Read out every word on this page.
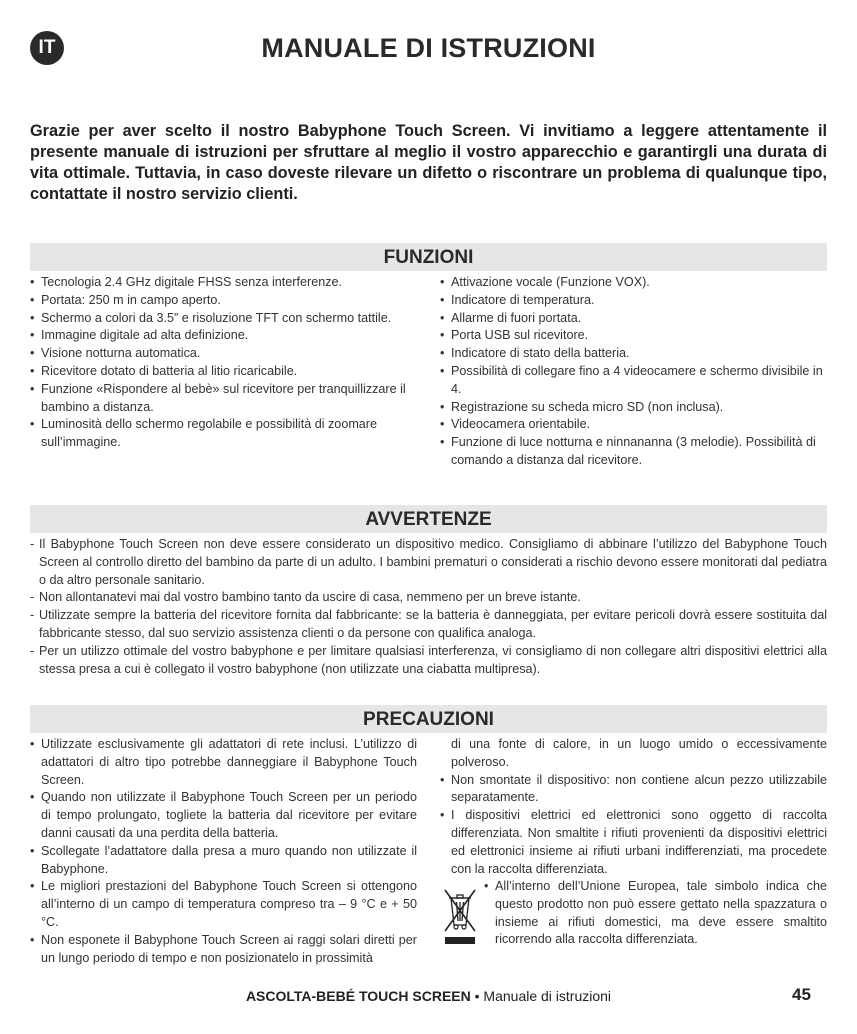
IT	MANUALE DI ISTRUZIONI

Grazie per aver scelto il nostro Babyphone Touch Screen. Vi invitiamo a leggere attentamente il presente manuale di istruzioni per sfruttare al meglio il vostro apparecchio e garantirgli una durata di vita ottimale. Tuttavia, in caso doveste rilevare un difetto o riscontrare un problema di qualunque tipo, contattate il nostro servizio clienti.

FUNZIONI
• Tecnologia 2.4 GHz digitale FHSS senza interferenze.
• Portata: 250 m in campo aperto.
• Schermo a colori da 3.5” e risoluzione TFT con schermo tattile.
• Immagine digitale ad alta definizione.
• Visione notturna automatica.
• Ricevitore dotato di batteria al litio ricaricabile.
• Funzione «Rispondere al bebè» sul ricevitore per tranquillizzare il bambino a distanza.
• Luminosità dello schermo regolabile e possibilità di zoomare sull’immagine.
• Attivazione vocale (Funzione VOX).
• Indicatore di temperatura.
• Allarme di fuori portata.
• Porta USB sul ricevitore.
• Indicatore di stato della batteria.
• Possibilità di collegare fino a 4 videocamere e schermo divisibile in 4.
• Registrazione su scheda micro SD (non inclusa).
• Videocamera orientabile.
• Funzione di luce notturna e ninnananna (3 melodie). Possibilità di comando a distanza dal ricevitore.
AVVERTENZE
- Il Babyphone Touch Screen non deve essere considerato un dispositivo medico. Consigliamo di abbinare l’utilizzo del Babyphone Touch Screen al controllo diretto del bambino da parte di un adulto. I bambini prematuri o considerati a rischio devono essere monitorati dal pediatra o da altro personale sanitario.
- Non allontanatevi mai dal vostro bambino tanto da uscire di casa, nemmeno per un breve istante.
- Utilizzate sempre la batteria del ricevitore fornita dal fabbricante: se la batteria è danneggiata, per evitare pericoli dovrà essere sostituita dal fabbricante stesso, dal suo servizio assistenza clienti o da persone con qualifica analoga.
- Per un utilizzo ottimale del vostro babyphone e per limitare qualsiasi interferenza, vi consigliamo di non collegare altri dispositivi elettrici alla stessa presa a cui è collegato il vostro babyphone (non utilizzate una ciabatta multipresa).
PRECAUZIONI
• Utilizzate esclusivamente gli adattatori di rete inclusi. L’utilizzo di adattatori di altro tipo potrebbe danneggiare il Babyphone Touch Screen.
• Quando non utilizzate il Babyphone Touch Screen per un periodo di tempo prolungato, togliete la batteria dal ricevitore per evitare danni causati da una perdita della batteria.
• Scollegate l’adattatore dalla presa a muro quando non utilizzate il Babyphone.
• Le migliori prestazioni del Babyphone Touch Screen si ottengono all’interno di un campo di temperatura compreso tra – 9 °C e + 50 °C.
• Non esponete il Babyphone Touch Screen ai raggi solari diretti per un lungo periodo di tempo e non posizionatelo in prossimità
di una fonte di calore, in un luogo umido o eccessivamente polveroso.
• Non smontate il dispositivo: non contiene alcun pezzo utilizzabile separatamente.
• I dispositivi elettrici ed elettronici sono oggetto di raccolta differenziata. Non smaltite i rifiuti provenienti da dispositivi elettrici ed elettronici insieme ai rifiuti urbani indifferenziati, ma procedete con la raccolta differenziata.
• All’interno dell’Unione Europea, tale simbolo indica che questo prodotto non può essere gettato nella spazzatura o insieme ai rifiuti domestici, ma deve essere smaltito ricorrendo alla raccolta differenziata.
ASCOLTA-BEBÉ TOUCH SCREEN • Manuale di istruzioni	45
